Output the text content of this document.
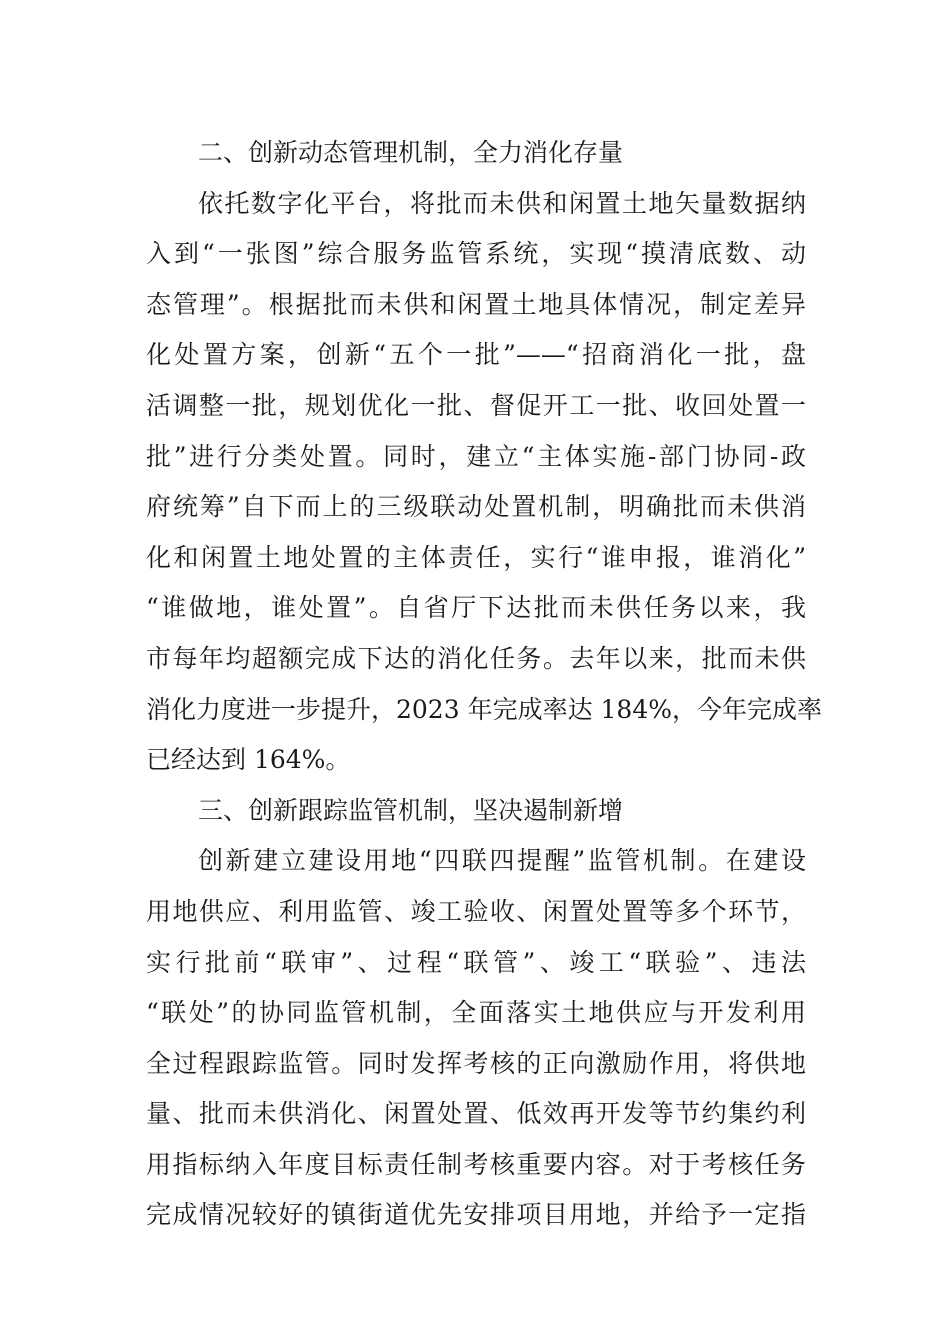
二、创新动态管理机制，全力消化存量
依托数字化平台，将批而未供和闲置土地矢量数据纳
入到“一张图”综合服务监管系统，实现“摸清底数、动
态管理”。根据批而未供和闲置土地具体情况，制定差异
化处置方案，创新“五个一批”——“招商消化一批，盘
活调整一批，规划优化一批、督促开工一批、收回处置一
批”进行分类处置。同时，建立“主体实施-部门协同-政
府统筹”自下而上的三级联动处置机制，明确批而未供消
化和闲置土地处置的主体责任，实行“谁申报，谁消化”
“谁做地，谁处置”。自省厅下达批而未供任务以来，我
市每年均超额完成下达的消化任务。去年以来，批而未供
消化力度进一步提升，2023 年完成率达 184%，今年完成率
已经达到 164%。
三、创新跟踪监管机制，坚决遏制新增
创新建立建设用地“四联四提醒”监管机制。在建设
用地供应、利用监管、竣工验收、闲置处置等多个环节，
实行批前“联审”、过程“联管”、竣工“联验”、违法
“联处”的协同监管机制，全面落实土地供应与开发利用
全过程跟踪监管。同时发挥考核的正向激励作用，将供地
量、批而未供消化、闲置处置、低效再开发等节约集约利
用指标纳入年度目标责任制考核重要内容。对于考核任务
完成情况较好的镇街道优先安排项目用地，并给予一定指
